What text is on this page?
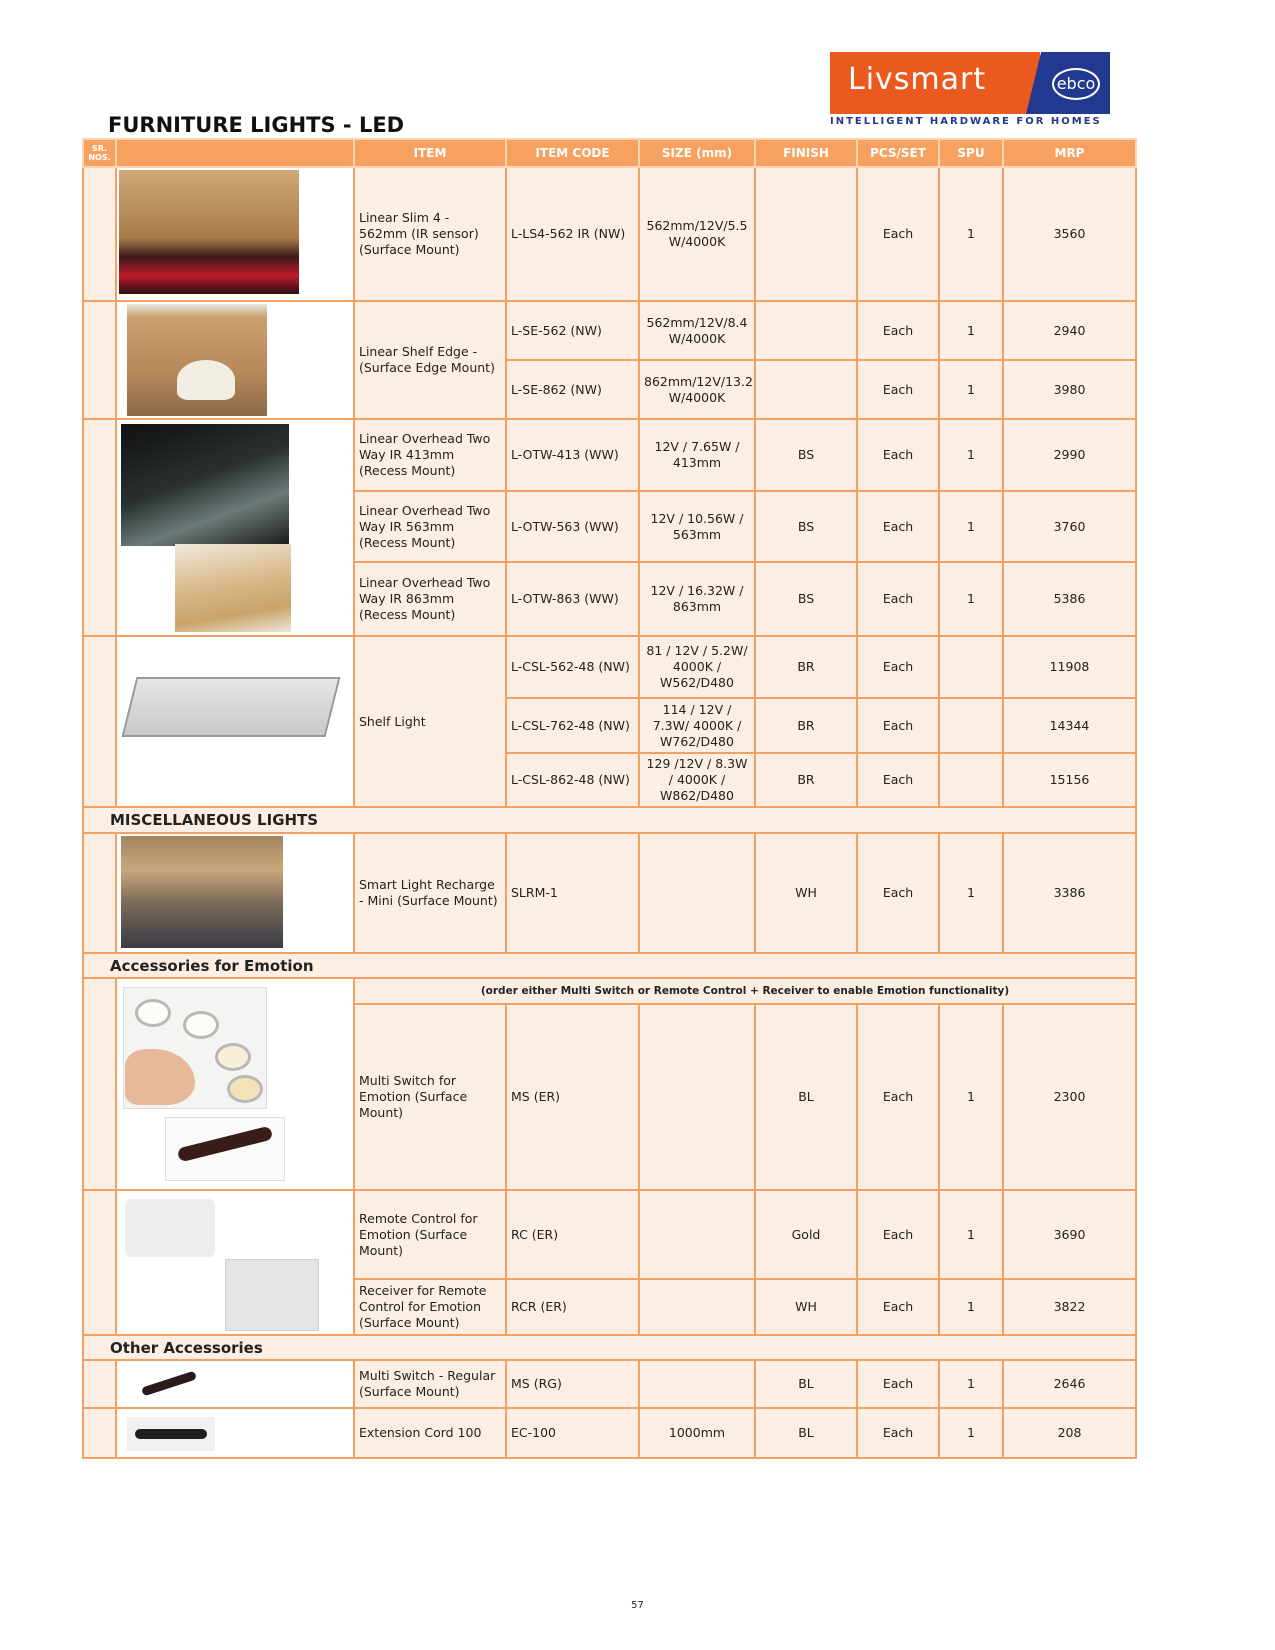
Livsmart	ebco
INTELLIGENT HARDWARE FOR HOMES
FURNITURE LIGHTS - LED
SR. NOS.		ITEM	ITEM CODE	SIZE (mm)	FINISH	PCS/SET	SPU	MRP

	Linear Slim 4 - 562mm (IR sensor) (Surface Mount)	L-LS4-562 IR (NW)	562mm/12V/5.5 W/4000K		Each	1	3560

	Linear Shelf Edge - (Surface Edge Mount)	L-SE-562 (NW)	562mm/12V/8.4 W/4000K		Each	1	2940
			L-SE-862 (NW)	862mm/12V/13.2 W/4000K		Each	1	3980

	Linear Overhead Two Way IR 413mm (Recess Mount)	L-OTW-413 (WW)	12V / 7.65W / 413mm	BS	Each	1	2990
		Linear Overhead Two Way IR 563mm (Recess Mount)	L-OTW-563 (WW)	12V / 10.56W / 563mm	BS	Each	1	3760
		Linear Overhead Two Way IR 863mm (Recess Mount)	L-OTW-863 (WW)	12V / 16.32W / 863mm	BS	Each	1	5386

	Shelf Light	L-CSL-562-48 (NW)	81 / 12V / 5.2W/ 4000K / W562/D480	BR	Each		11908
			L-CSL-762-48 (NW)	114 / 12V / 7.3W/ 4000K / W762/D480	BR	Each		14344
			L-CSL-862-48 (NW)	129 /12V / 8.3W / 4000K / W862/D480	BR	Each		15156
MISCELLANEOUS LIGHTS								

	Smart Light Recharge - Mini (Surface Mount)	SLRM-1		WH	Each	1	3386
Accessories for Emotion								

	(order either Multi Switch or Remote Control + Receiver to enable Emotion functionality)						
		Multi Switch for Emotion (Surface Mount)	MS (ER)		BL	Each	1	2300

	Remote Control for Emotion (Surface Mount)	RC (ER)		Gold	Each	1	3690
		Receiver for Remote Control for Emotion (Surface Mount)	RCR (ER)		WH	Each	1	3822
Other Accessories								

	Multi Switch - Regular (Surface Mount)	MS (RG)		BL	Each	1	2646

	Extension Cord 100	EC-100	1000mm	BL	Each	1	208
57
